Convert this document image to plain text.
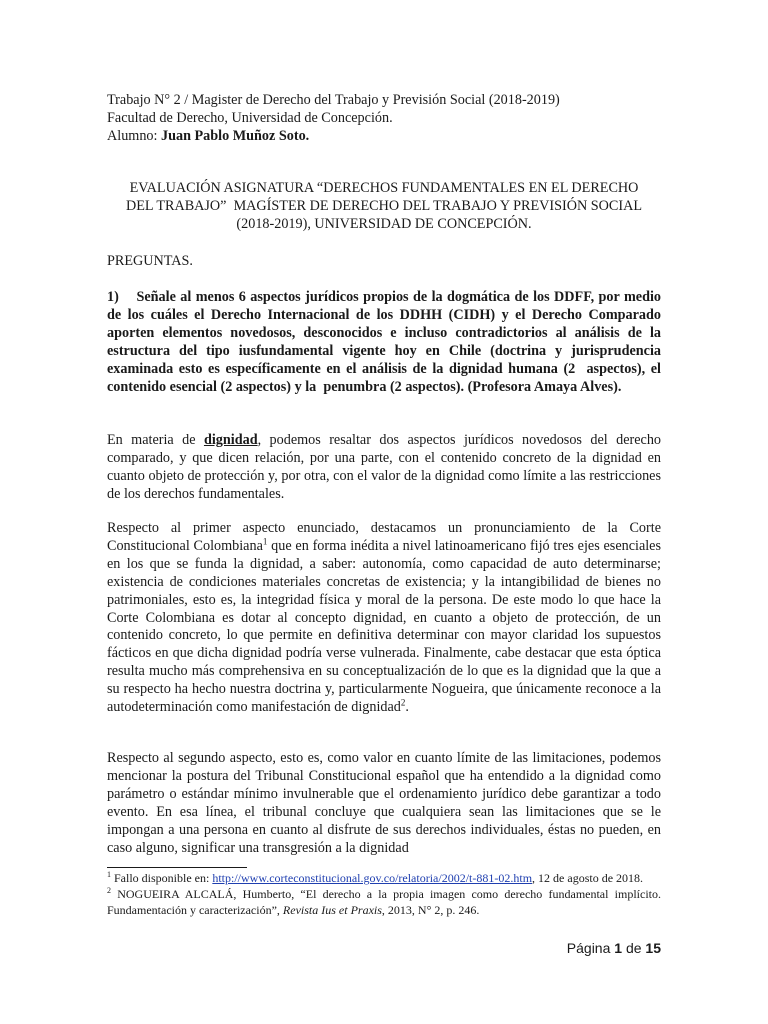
Trabajo N° 2 / Magister de Derecho del Trabajo y Previsión Social (2018-2019)

Facultad de Derecho, Universidad de Concepción.

Alumno: Juan Pablo Muñoz Soto.

EVALUACIÓN ASIGNATURA “DERECHOS FUNDAMENTALES EN EL DERECHO

DEL TRABAJO”  MAGÍSTER DE DERECHO DEL TRABAJO Y PREVISIÓN SOCIAL

(2018-2019), UNIVERSIDAD DE CONCEPCIÓN.

PREGUNTAS.

1)    Señale al menos 6 aspectos jurídicos propios de la dogmática de los DDFF, por medio de los cuáles el Derecho Internacional de los DDHH (CIDH) y el Derecho Comparado aporten elementos novedosos, desconocidos e incluso contradictorios al análisis de la estructura del tipo iusfundamental vigente hoy en Chile (doctrina y jurisprudencia examinada esto es específicamente en el análisis de la dignidad humana (2  aspectos), el contenido esencial (2 aspectos) y la  penumbra (2 aspectos). (Profesora Amaya Alves).

En materia de dignidad, podemos resaltar dos aspectos jurídicos novedosos del derecho comparado, y que dicen relación, por una parte, con el contenido concreto de la dignidad en cuanto objeto de protección y, por otra, con el valor de la dignidad como límite a las restricciones de los derechos fundamentales.

Respecto al primer aspecto enunciado, destacamos un pronunciamiento de la Corte Constitucional Colombiana$^1$ que en forma inédita a nivel latinoamericano fijó tres ejes esenciales en los que se funda la dignidad, a saber: autonomía, como capacidad de auto determinarse; existencia de condiciones materiales concretas de existencia; y la intangibilidad de bienes no patrimoniales, esto es, la integridad física y moral de la persona. De este modo lo que hace la Corte Colombiana es dotar al concepto dignidad, en cuanto a objeto de protección, de un contenido concreto, lo que permite en definitiva determinar con mayor claridad los supuestos fácticos en que dicha dignidad podría verse vulnerada. Finalmente, cabe destacar que esta óptica resulta mucho más comprehensiva en su conceptualización de lo que es la dignidad que la que a su respecto ha hecho nuestra doctrina y, particularmente Nogueira, que únicamente reconoce a la autodeterminación como manifestación de dignidad$^2$.

Respecto al segundo aspecto, esto es, como valor en cuanto límite de las limitaciones, podemos mencionar la postura del Tribunal Constitucional español que ha entendido a la dignidad como parámetro o estándar mínimo invulnerable que el ordenamiento jurídico debe garantizar a todo evento. En esa línea, el tribunal concluye que cualquiera sean las limitaciones que se le impongan a una persona en cuanto al disfrute de sus derechos individuales, éstas no pueden, en caso alguno, significar una transgresión a la dignidad

$^1$ Fallo disponible en: http://www.corteconstitucional.gov.co/relatoria/2002/t-881-02.htm, 12 de agosto de 2018.

$^2$ NOGUEIRA ALCALÁ, Humberto, “El derecho a la propia imagen como derecho fundamental implícito. Fundamentación y caracterización”, Revista Ius et Praxis, 2013, N° 2, p. 246.

Página 1 de 15
